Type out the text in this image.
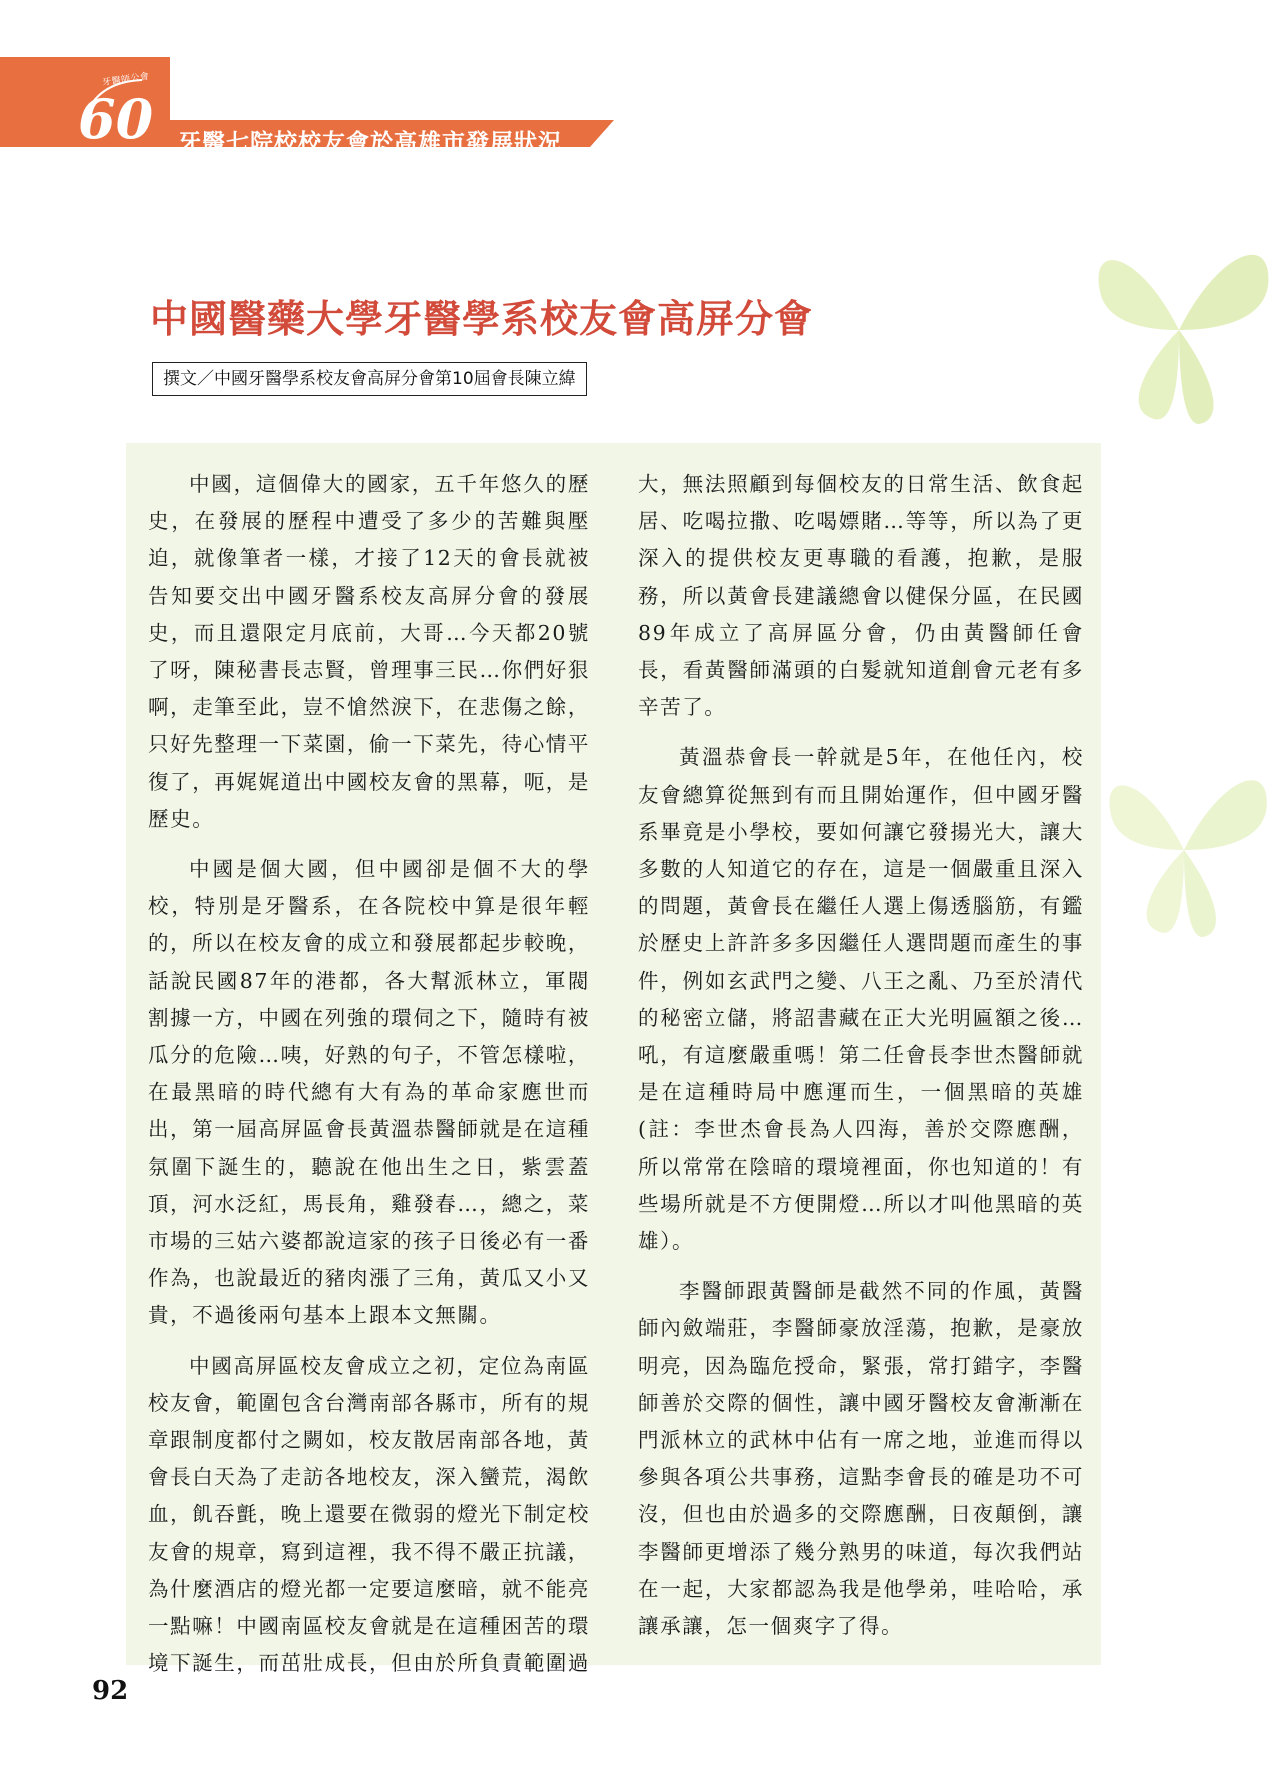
60
牙醫師公會
牙醫七院校校友會於高雄市發展狀況
中國醫藥大學牙醫學系校友會高屏分會
撰文／中國牙醫學系校友會高屏分會第10屆會長陳立緯

中國，這個偉大的國家，五千年悠久的歷史，在發展的歷程中遭受了多少的苦難與壓迫，就像筆者一樣，才接了12天的會長就被告知要交出中國牙醫系校友高屏分會的發展史，而且還限定月底前，大哥…今天都20號了呀，陳秘書長志賢，曾理事三民…你們好狠啊，走筆至此，豈不愴然淚下，在悲傷之餘，只好先整理一下菜園，偷一下菜先，待心情平復了，再娓娓道出中國校友會的黑幕，呃，是歷史。

中國是個大國，但中國卻是個不大的學校，特別是牙醫系，在各院校中算是很年輕的，所以在校友會的成立和發展都起步較晚，話說民國87年的港都，各大幫派林立，軍閥割據一方，中國在列強的環伺之下，隨時有被瓜分的危險…咦，好熟的句子，不管怎樣啦，在最黑暗的時代總有大有為的革命家應世而出，第一屆高屏區會長黃溫恭醫師就是在這種氛圍下誕生的，聽說在他出生之日，紫雲蓋頂，河水泛紅，馬長角，雞發春…，總之，菜市場的三姑六婆都說這家的孩子日後必有一番作為，也說最近的豬肉漲了三角，黃瓜又小又貴，不過後兩句基本上跟本文無關。

中國高屏區校友會成立之初，定位為南區校友會，範圍包含台灣南部各縣市，所有的規章跟制度都付之闕如，校友散居南部各地，黃會長白天為了走訪各地校友，深入蠻荒，渴飲血，飢吞氈，晚上還要在微弱的燈光下制定校友會的規章，寫到這裡，我不得不嚴正抗議，為什麼酒店的燈光都一定要這麼暗，就不能亮一點嘛！中國南區校友會就是在這種困苦的環境下誕生，而茁壯成長，但由於所負責範圍過

大，無法照顧到每個校友的日常生活、飲食起居、吃喝拉撒、吃喝嫖賭…等等，所以為了更深入的提供校友更專職的看護，抱歉，是服務，所以黃會長建議總會以健保分區，在民國89年成立了高屏區分會，仍由黃醫師任會長，看黃醫師滿頭的白髮就知道創會元老有多辛苦了。

黃溫恭會長一幹就是5年，在他任內，校友會總算從無到有而且開始運作，但中國牙醫系畢竟是小學校，要如何讓它發揚光大，讓大多數的人知道它的存在，這是一個嚴重且深入的問題，黃會長在繼任人選上傷透腦筋，有鑑於歷史上許許多多因繼任人選問題而產生的事件，例如玄武門之變、八王之亂、乃至於清代的秘密立儲，將詔書藏在正大光明匾額之後…吼，有這麼嚴重嗎！第二任會長李世杰醫師就是在這種時局中應運而生，一個黑暗的英雄(註：李世杰會長為人四海，善於交際應酬，所以常常在陰暗的環境裡面，你也知道的！有些場所就是不方便開燈…所以才叫他黑暗的英雄）。

李醫師跟黃醫師是截然不同的作風，黃醫師內斂端莊，李醫師豪放淫蕩，抱歉，是豪放明亮，因為臨危授命，緊張，常打錯字，李醫師善於交際的個性，讓中國牙醫校友會漸漸在門派林立的武林中佔有一席之地，並進而得以參與各項公共事務，這點李會長的確是功不可沒，但也由於過多的交際應酬，日夜顛倒，讓李醫師更增添了幾分熟男的味道，每次我們站在一起，大家都認為我是他學弟，哇哈哈，承讓承讓，怎一個爽字了得。

92
